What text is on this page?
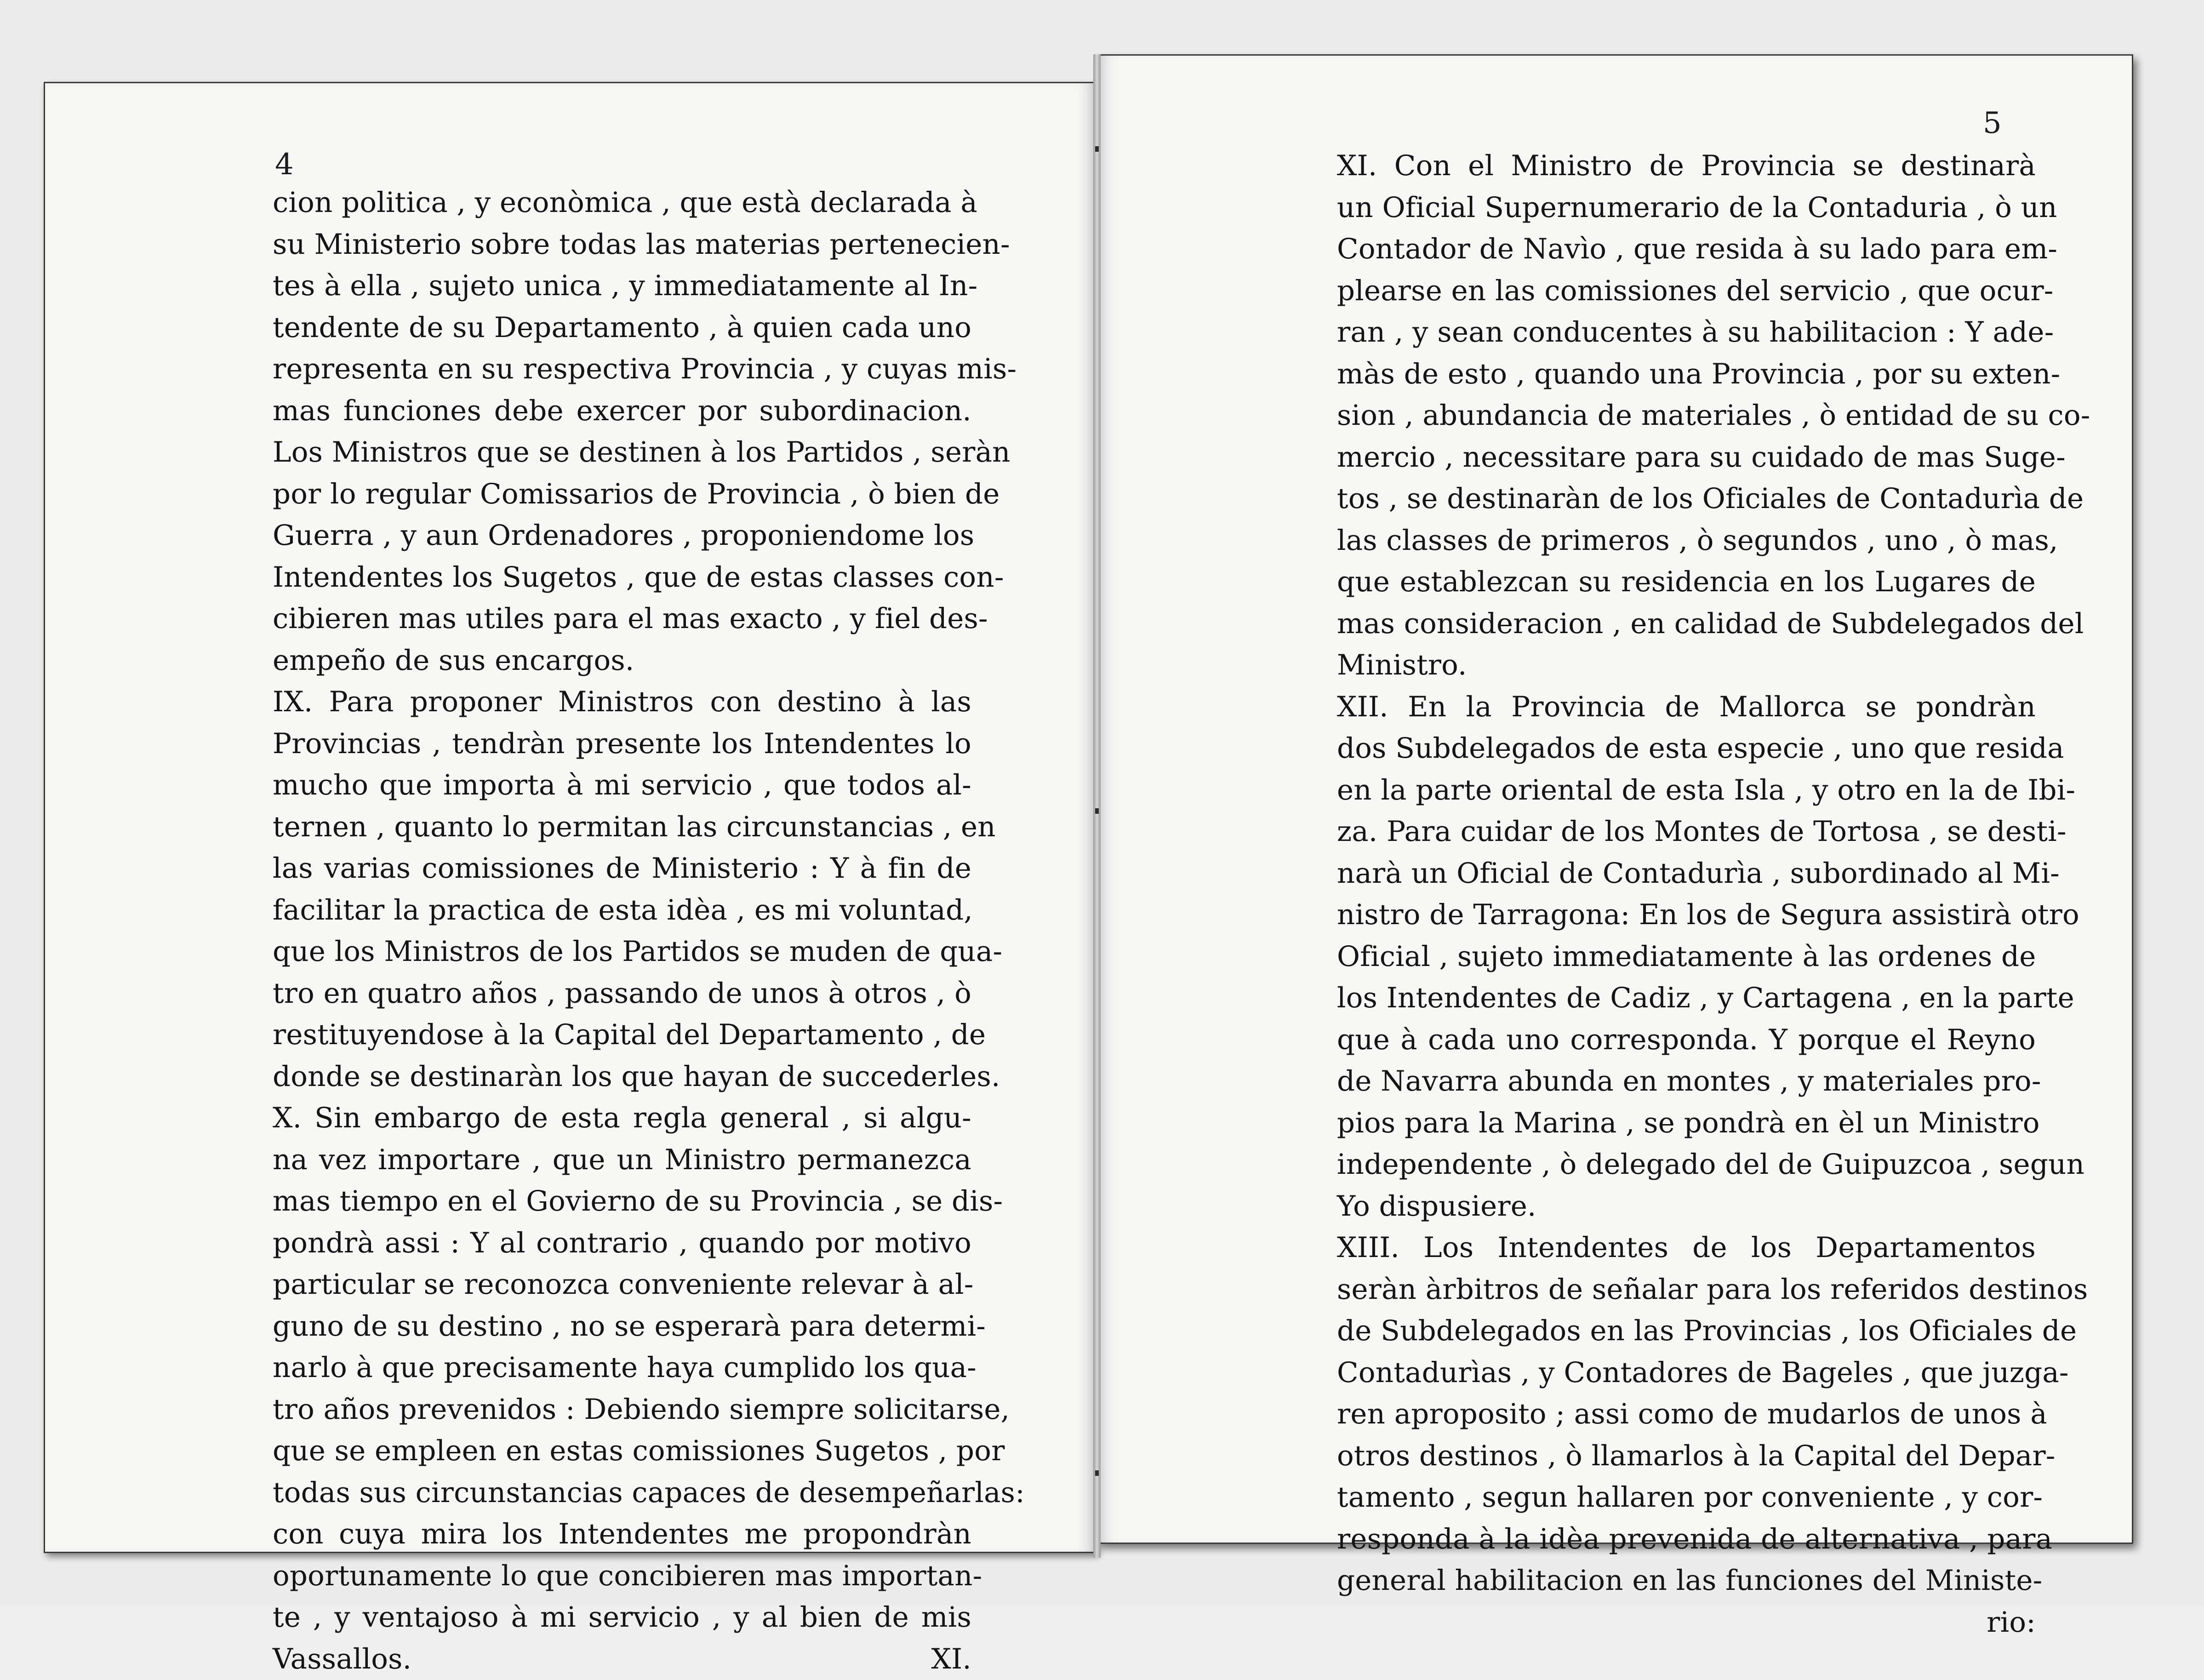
4
cion politica , y econòmica , que està declarada à
su Ministerio sobre todas las materias pertenecien-
tes à ella , sujeto unica , y immediatamente al In-
tendente de su Departamento , à quien cada uno
representa en su respectiva Provincia , y cuyas mis-
mas funciones debe exercer por subordinacion.
Los Ministros que se destinen à los Partidos , seràn
por lo regular Comissarios de Provincia , ò bien de
Guerra , y aun Ordenadores , proponiendome los
Intendentes los Sugetos , que de estas classes con-
cibieren mas utiles para el mas exacto , y fiel des-
empeño de sus encargos.
IX. Para proponer Ministros con destino à las
Provincias , tendràn presente los Intendentes lo
mucho que importa à mi servicio , que todos al-
ternen , quanto lo permitan las circunstancias , en
las varias comissiones de Ministerio : Y à fin de
facilitar la practica de esta idèa , es mi voluntad,
que los Ministros de los Partidos se muden de qua-
tro en quatro años , passando de unos à otros , ò
restituyendose à la Capital del Departamento , de
donde se destinaràn los que hayan de succederles.
X. Sin embargo de esta regla general , si algu-
na vez importare , que un Ministro permanezca
mas tiempo en el Govierno de su Provincia , se dis-
pondrà assi : Y al contrario , quando por motivo
particular se reconozca conveniente relevar à al-
guno de su destino , no se esperarà para determi-
narlo à que precisamente haya cumplido los qua-
tro años prevenidos : Debiendo siempre solicitarse,
que se empleen en estas comissiones Sugetos , por
todas sus circunstancias capaces de desempeñarlas:
con cuya mira los Intendentes me propondràn
oportunamente lo que concibieren mas importan-
te , y ventajoso à mi servicio , y al bien de mis
Vassallos.	XI.
5
XI. Con el Ministro de Provincia se destinarà
un Oficial Supernumerario de la Contaduria , ò un
Contador de Navìo , que resida à su lado para em-
plearse en las comissiones del servicio , que ocur-
ran , y sean conducentes à su habilitacion : Y ade-
màs de esto , quando una Provincia , por su exten-
sion , abundancia de materiales , ò entidad de su co-
mercio , necessitare para su cuidado de mas Suge-
tos , se destinaràn de los Oficiales de Contadurìa de
las classes de primeros , ò segundos , uno , ò mas,
que establezcan su residencia en los Lugares de
mas consideracion , en calidad de Subdelegados del
Ministro.
XII. En la Provincia de Mallorca se pondràn
dos Subdelegados de esta especie , uno que resida
en la parte oriental de esta Isla , y otro en la de Ibi-
za. Para cuidar de los Montes de Tortosa , se desti-
narà un Oficial de Contadurìa , subordinado al Mi-
nistro de Tarragona: En los de Segura assistirà otro
Oficial , sujeto immediatamente à las ordenes de
los Intendentes de Cadiz , y Cartagena , en la parte
que à cada uno corresponda. Y porque el Reyno
de Navarra abunda en montes , y materiales pro-
pios para la Marina , se pondrà en èl un Ministro
independente , ò delegado del de Guipuzcoa , segun
Yo dispusiere.
XIII. Los Intendentes de los Departamentos
seràn àrbitros de señalar para los referidos destinos
de Subdelegados en las Provincias , los Oficiales de
Contadurìas , y Contadores de Bageles , que juzga-
ren aproposito ; assi como de mudarlos de unos à
otros destinos , ò llamarlos à la Capital del Depar-
tamento , segun hallaren por conveniente , y cor-
responda à la idèa prevenida de alternativa , para
general habilitacion en las funciones del Ministe-
rio:
